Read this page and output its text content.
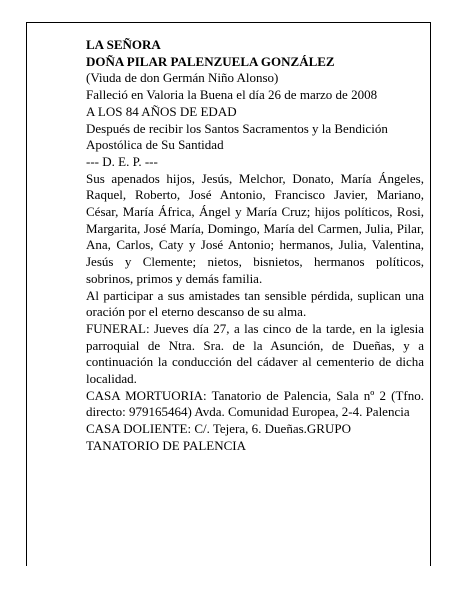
LA SEÑORA

DOÑA PILAR PALENZUELA GONZÁLEZ

(Viuda de don Germán Niño Alonso)

Falleció en Valoria la Buena el día 26 de marzo de 2008

A LOS 84 AÑOS DE EDAD

Después de recibir los Santos Sacramentos y la Bendición Apostólica de Su Santidad

--- D. E. P. ---

Sus apenados hijos, Jesús, Melchor, Donato, María Ángeles, Raquel, Roberto, José Antonio, Francisco Javier, Mariano, César, María África, Ángel y María Cruz; hijos políticos, Rosi, Margarita, José María, Domingo, María del Carmen, Julia, Pilar, Ana, Carlos, Caty y José Antonio; hermanos, Julia, Valentina, Jesús y Clemente; nietos, bisnietos, hermanos políticos, sobrinos, primos y demás familia.

Al participar a sus amistades tan sensible pérdida, suplican una oración por el eterno descanso de su alma.

FUNERAL: Jueves día 27, a las cinco de la tarde, en la iglesia parroquial de Ntra. Sra. de la Asunción, de Dueñas, y a continuación la conducción del cádaver al cementerio de dicha localidad.

CASA MORTUORIA: Tanatorio de Palencia, Sala nº 2 (Tfno. directo: 979165464) Avda. Comunidad Europea, 2-4. Palencia

CASA DOLIENTE: C/. Tejera, 6. Dueñas.GRUPO TANATORIO DE PALENCIA
